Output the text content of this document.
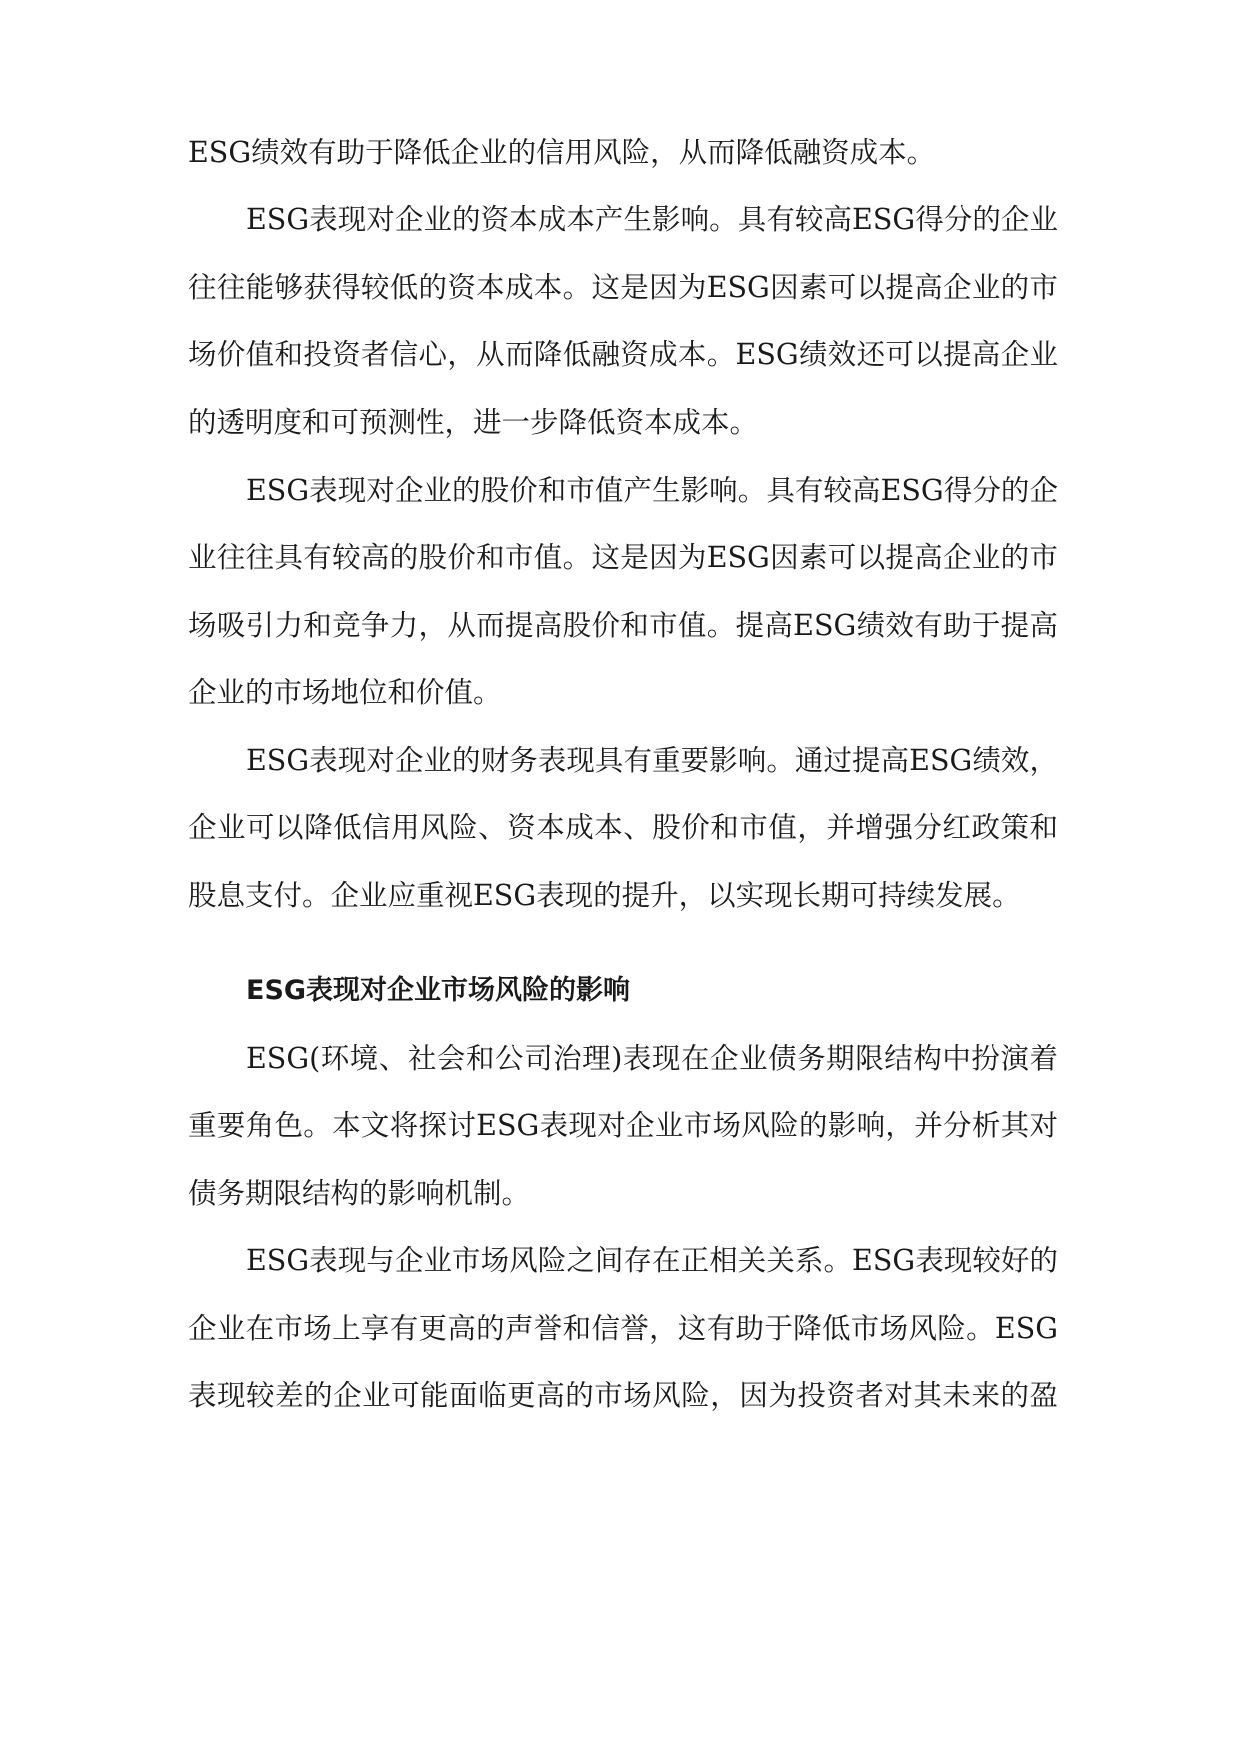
ESG绩效有助于降低企业的信用风险，从而降低融资成本。
ESG表现对企业的资本成本产生影响。具有较高ESG得分的企业
往往能够获得较低的资本成本。这是因为ESG因素可以提高企业的市
场价值和投资者信心，从而降低融资成本。ESG绩效还可以提高企业
的透明度和可预测性，进一步降低资本成本。
ESG表现对企业的股价和市值产生影响。具有较高ESG得分的企
业往往具有较高的股价和市值。这是因为ESG因素可以提高企业的市
场吸引力和竞争力，从而提高股价和市值。提高ESG绩效有助于提高
企业的市场地位和价值。
ESG表现对企业的财务表现具有重要影响。通过提高ESG绩效，
企业可以降低信用风险、资本成本、股价和市值，并增强分红政策和
股息支付。企业应重视ESG表现的提升，以实现长期可持续发展。
ESG表现对企业市场风险的影响
ESG(环境、社会和公司治理)表现在企业债务期限结构中扮演着
重要角色。本文将探讨ESG表现对企业市场风险的影响，并分析其对
债务期限结构的影响机制。
ESG表现与企业市场风险之间存在正相关关系。ESG表现较好的
企业在市场上享有更高的声誉和信誉，这有助于降低市场风险。ESG
表现较差的企业可能面临更高的市场风险，因为投资者对其未来的盈
